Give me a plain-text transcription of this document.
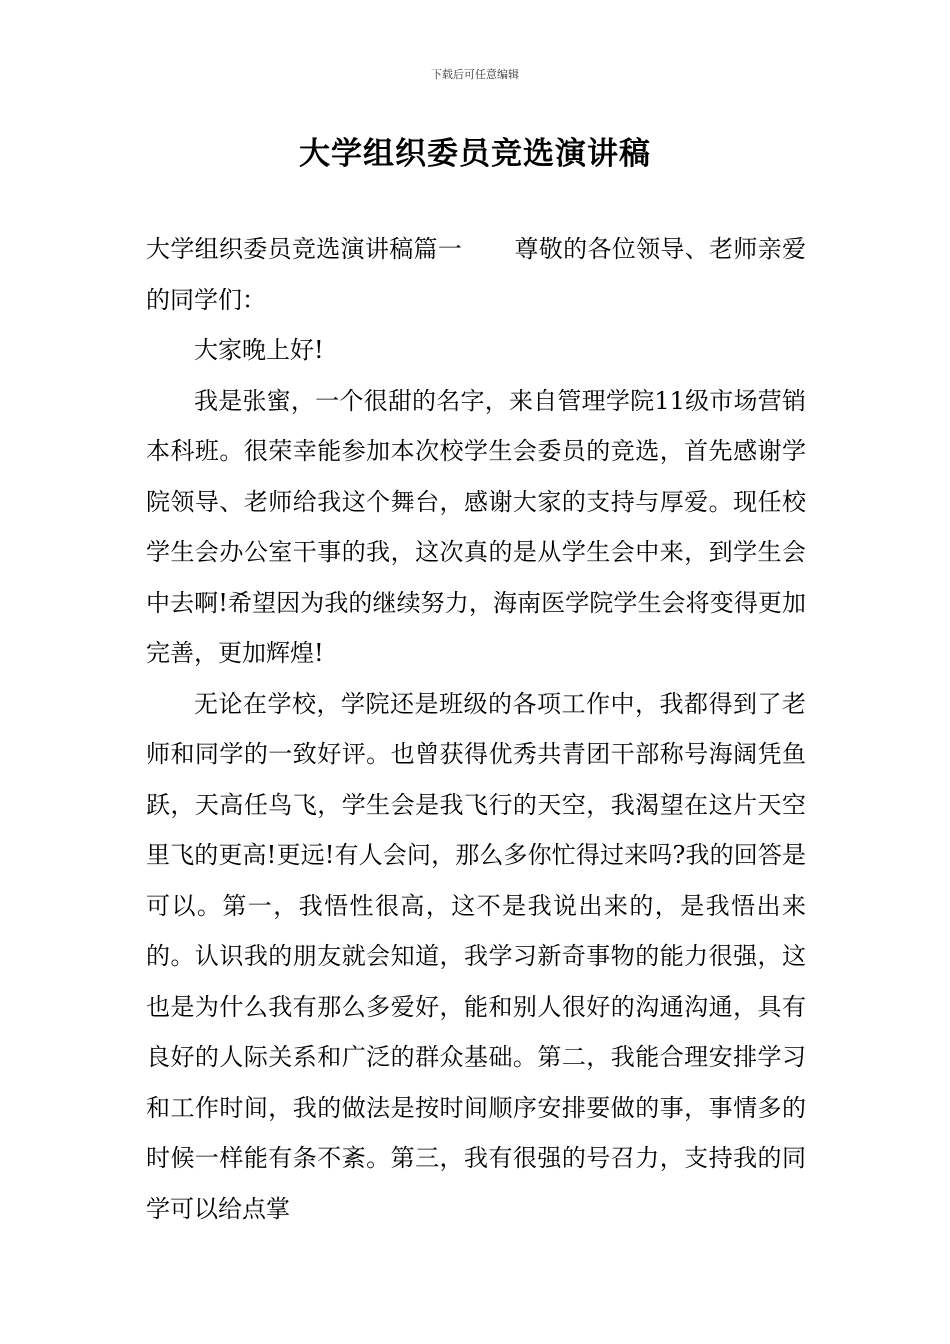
下载后可任意编辑
大学组织委员竞选演讲稿

大学组织委员竞选演讲稿篇一 尊敬的各位领导、老师亲爱的同学们：

大家晚上好!

我是张蜜，一个很甜的名字，来自管理学院11级市场营销本科班。很荣幸能参加本次校学生会委员的竞选，首先感谢学院领导、老师给我这个舞台，感谢大家的支持与厚爱。现任校学生会办公室干事的我，这次真的是从学生会中来，到学生会中去啊!希望因为我的继续努力，海南医学院学生会将变得更加完善，更加辉煌!

无论在学校，学院还是班级的各项工作中，我都得到了老师和同学的一致好评。也曾获得优秀共青团干部称号海阔凭鱼跃，天高任鸟飞，学生会是我飞行的天空，我渴望在这片天空里飞的更高!更远!有人会问，那么多你忙得过来吗?我的回答是可以。第一，我悟性很高，这不是我说出来的，是我悟出来的。认识我的朋友就会知道，我学习新奇事物的能力很强，这也是为什么我有那么多爱好，能和别人很好的沟通沟通，具有良好的人际关系和广泛的群众基础。第二，我能合理安排学习和工作时间，我的做法是按时间顺序安排要做的事，事情多的时候一样能有条不紊。第三，我有很强的号召力，支持我的同学可以给点掌
